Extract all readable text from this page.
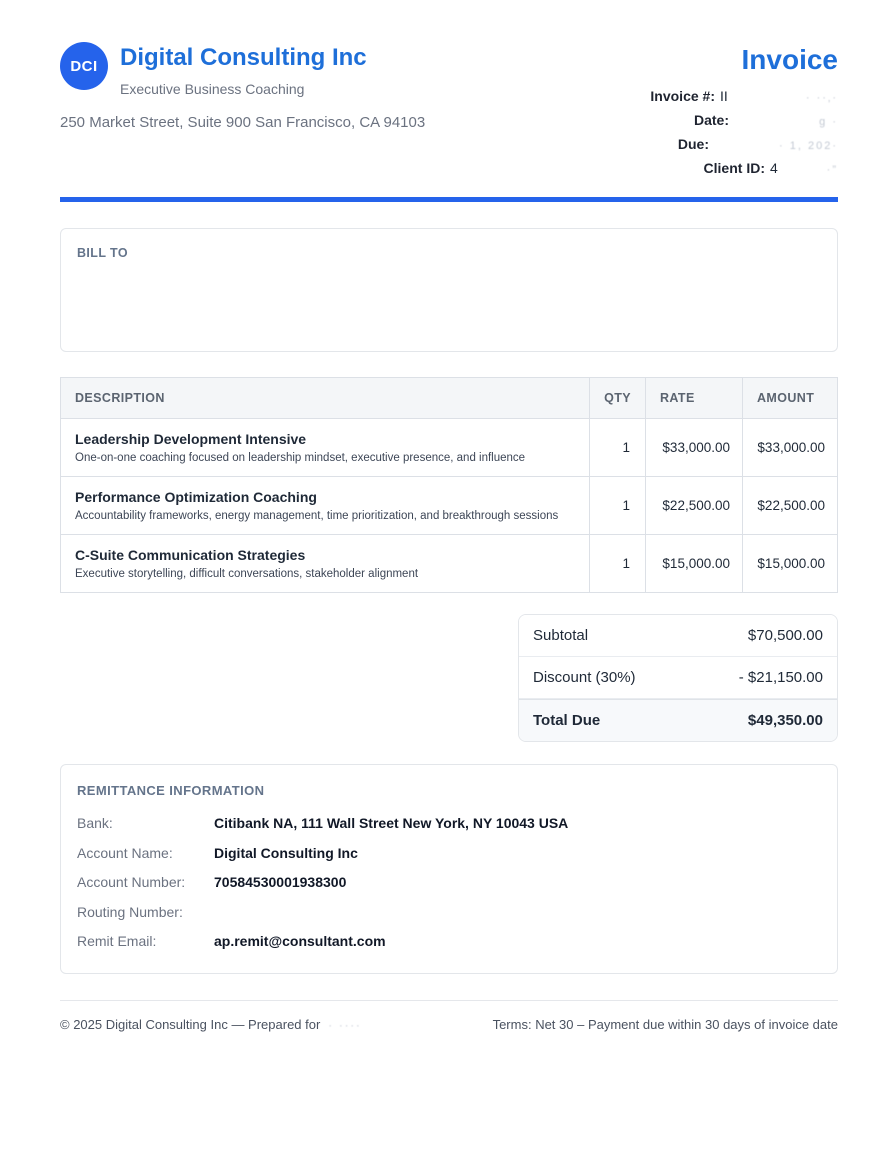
DCI Digital Consulting Inc
Executive Business Coaching
250 Market Street, Suite 900 San Francisco, CA 94103
Invoice
Invoice #: II	· ··‚·
Date:	g ·
Due:	· 1, 202·
Client ID: 4	·”
BILL TO
DESCRIPTION	QTY	RATE	AMOUNT

Leadership Development Intensive
One-on-one coaching focused on leadership mindset, executive presence, and influence	1	$33,000.00	$33,000.00

Performance Optimization Coaching
Accountability frameworks, energy management, time prioritization, and breakthrough sessions	1	$22,500.00	$22,500.00

C-Suite Communication Strategies
Executive storytelling, difficult conversations, stakeholder alignment	1	$15,000.00	$15,000.00
Subtotal	$70,500.00
Discount (30%)	- $21,150.00
Total Due	$49,350.00
REMITTANCE INFORMATION
Bank:	Citibank NA, 111 Wall Street New York, NY 10043 USA
Account Name:	Digital Consulting Inc
Account Number:	70584530001938300
Routing Number:
Remit Email:	ap.remit@consultant.com
© 2025 Digital Consulting Inc — Prepared for · ····	Terms: Net 30 – Payment due within 30 days of invoice date
